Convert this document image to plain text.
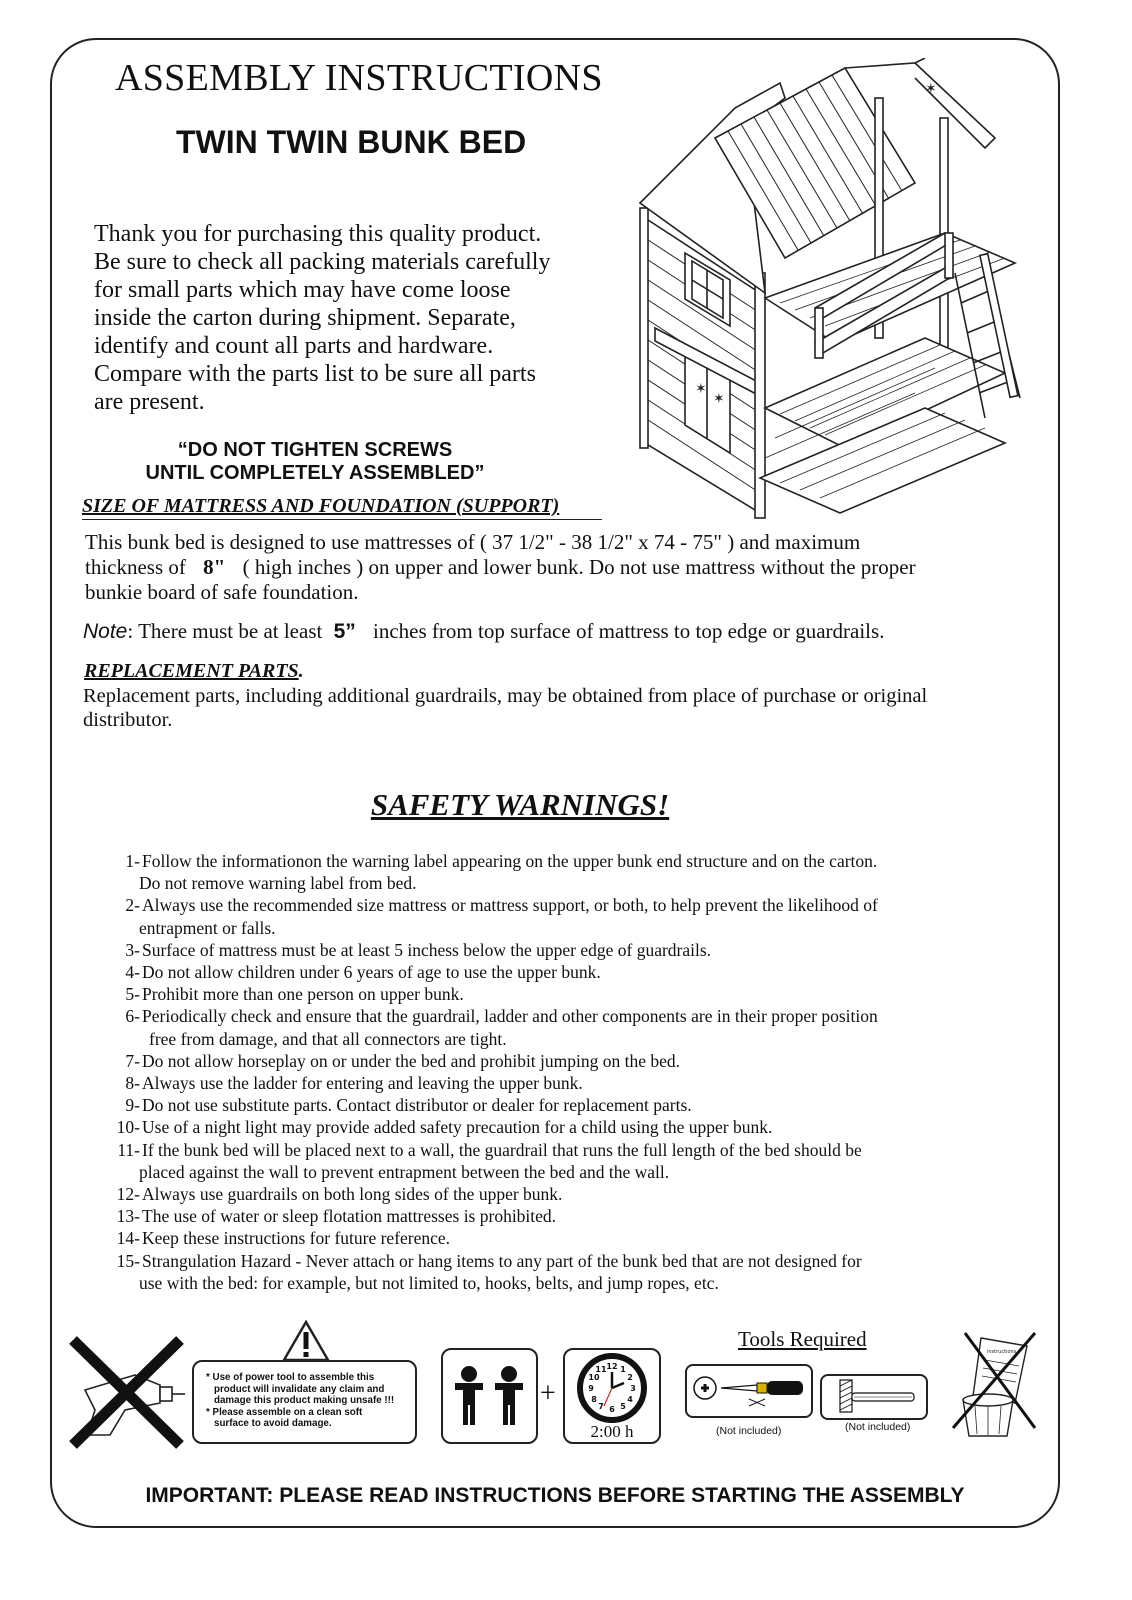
ASSEMBLY INSTRUCTIONS
TWIN TWIN BUNK BED
Thank you for purchasing this quality product.
Be sure to check all packing materials carefully
for small parts which may have come loose
inside the carton during shipment. Separate,
identify and count all parts and hardware.
Compare with the parts list to be sure all parts
are present.
“DO NOT TIGHTEN SCREWS
UNTIL COMPLETELY ASSEMBLED”
✶
✶
✶
SIZE OF MATTRESS AND FOUNDATION (SUPPORT)
This bunk bed is designed to use mattresses of ( 37 1/2" - 38 1/2" x 74 - 75" ) and maximum
thickness of 8" ( high inches ) on upper and lower bunk. Do not use mattress without the proper
bunkie board of safe foundation.
Note: There must be at least 5” inches from top surface of mattress to top edge or guardrails.
REPLACEMENT PARTS.
Replacement parts, including additional guardrails, may be obtained from place of purchase or original
distributor.
SAFETY WARNINGS!
1- Follow the informationon the warning label appearing on the upper bunk end structure and on the carton.
Do not remove warning label from bed.
2- Always use the recommended size mattress or mattress support, or both, to help prevent the likelihood of
entrapment or falls.
3- Surface of mattress must be at least 5 inchess below the upper edge of guardrails.
4- Do not allow children under 6 years of age to use the upper bunk.
5- Prohibit more than one person on upper bunk.
6- Periodically check and ensure that the guardrail, ladder and other components are in their proper position
free from damage, and that all connectors are tight.
7- Do not allow horseplay on or under the bed and prohibit jumping on the bed.
8- Always use the ladder for entering and leaving the upper bunk.
9- Do not use substitute parts. Contact distributor or dealer for replacement parts.
10- Use of a night light may provide added safety precaution for a child using the upper bunk.
11- If the bunk bed will be placed next to a wall, the guardrail that runs the full length of the bed should be
placed against the wall to prevent entrapment between the bed and the wall.
12- Always use guardrails on both long sides of the upper bunk.
13- The use of water or sleep flotation mattresses is prohibited.
14- Keep these instructions for future reference.
15- Strangulation Hazard - Never attach or hang items to any part of the bunk bed that are not designed for
use with the bed: for example, but not limited to, hooks, belts, and jump ropes, etc.
* Use of power tool to assemble this
product will invalidate any claim and
damage this product making unsafe !!!
* Please assemble on a clean soft
surface to avoid damage.
+
12 1
2
3
4
5
6
7
8
9
10
11
2:00 h
Tools Required
(Not included)	(Not included)
instructions
IMPORTANT: PLEASE READ INSTRUCTIONS BEFORE STARTING THE ASSEMBLY
